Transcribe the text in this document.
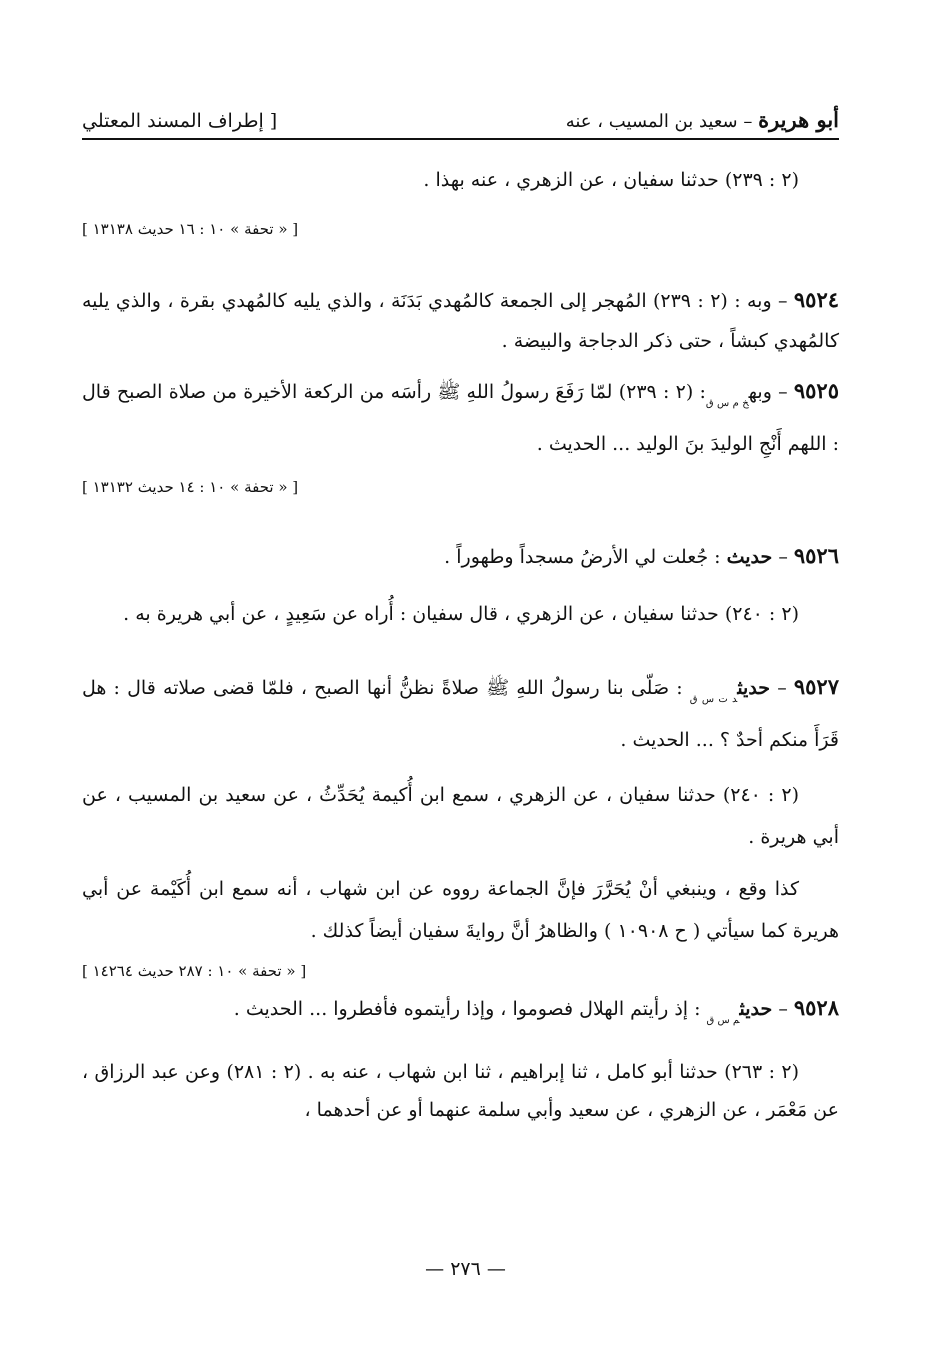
أبو هريرة – سعيد بن المسيب ، عنه
[ إطراف المسند المعتلي
(٢ : ٢٣٩) حدثنا سفيان ، عن الزهري ، عنه بهذا .
[ « تحفة » ١٠ : ١٦ حديث ١٣١٣٨ ]
٩٥٢٤ – وبه : (٢ : ٢٣٩) المُهجر إلى الجمعة كالمُهدي بَدَنَة ، والذي يليه كالمُهدي بقرة ، والذي يليه كالمُهدي كبشاً ، حتى ذكر الدجاجة والبيضة .
٩٥٢٥ – وبه$_{خ م س ق}$: (٢ : ٢٣٩) لمّا رَفَعَ رسولُ اللهِ ﷺ رأسَه من الركعة الأخيرة من صلاة الصبح قال : اللهم أَنْجِ الوليدَ بنَ الوليد ... الحديث .
[ « تحفة » ١٠ : ١٤ حديث ١٣١٣٢ ]
٩٥٢٦ – حديث : جُعلت لي الأرضُ مسجداً وطهوراً .
(٢ : ٢٤٠) حدثنا سفيان ، عن الزهري ، قال سفيان : أُراه عن سَعِيدٍ ، عن أبي هريرة به .
٩٥٢٧ – حديث$_{د ت س ق}$ : صَلّى بنا رسولُ اللهِ ﷺ صلاةً نظنُّ أنها الصبح ، فلمّا قضى صلاته قال : هل قَرَأَ منكم أحدٌ ؟ ... الحديث .
(٢ : ٢٤٠) حدثنا سفيان ، عن الزهري ، سمع ابن أُكيمة يُحَدِّثُ ، عن سعيد بن المسيب ، عن أبي هريرة .
كذا وقع ، وينبغي أنْ يُحَرَّرَ فإنَّ الجماعة رووه عن ابن شهاب ، أنه سمع ابن أُكَيْمة عن أبي هريرة كما سيأتي ( ح ١٠٩٠٨ ) والظاهرُ أنَّ روايةَ سفيان أيضاً كذلك .
[ « تحفة » ١٠ : ٢٨٧ حديث ١٤٢٦٤ ]
٩٥٢٨ – حديث$_{م س ق}$ : إذ رأيتم الهلال فصوموا ، وإذا رأيتموه فأفطروا ... الحديث .
(٢ : ٢٦٣) حدثنا أبو كامل ، ثنا إبراهيم ، ثنا ابن شهاب ، عنه به . (٢ : ٢٨١) وعن عبد الرزاق ، عن مَعْمَر ، عن الزهري ، عن سعيد وأبي سلمة عنهما أو عن أحدهما ،
— ٢٧٦ —
